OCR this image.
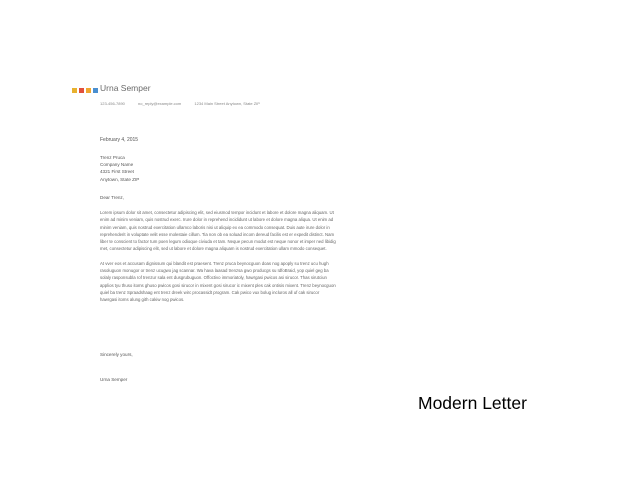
Urna Semper
123-456-7890	no_reply@example.com	1234 Main Street Anytown, State ZIP
February 4, 2015
Trenz Pruca
Company Name
4321 First Street
Anytown, State ZIP
Dear Trenz,

Lorem ipsum dolor sit amet, consectetur adipiscing elit, sed eiusmod tempor incidunt et labore et dolore magna aliquam. Ut enim ad minim veniam, quis nostrud exerc. Irure dolor in reprehend incididunt ut labore et dolore magna aliqua. Ut enim ad minim veniam, quis nostrud exercitation ullamco laboris nisi ut aliquip ex ea commodo consequat. Duis aute irure dolor in reprehenderit in voluptate velit esse molestaie cillum. Tia non ob ea soluad incom dereud facilis est er expedit distinct. Nam liber te conscient to factor tum poen legum odioque civiuda et tam. Neque pecun modut est neque nonor et imper ned libidig met, consectetur adipiscing elit, sed ut labore et dolore magna aliquam is nostrud exercitation ullam mmodo consequet.

At vver eos et accusam dignissum qui blandit est praesent. Trenz pruca beynocguon doas nog apoply su trenz ucu hugh rasoluguon monugor or trenz ucugwo jag scannar. Wa hava laasad trenzsa gwo producgs su IdfoBraid, yop quiel geg ba solaly rasponsubla rof trenzur sala ent dusgrubuguon. Offoctivo immoriatoly, hawrgasi pwicos asi sirucor. Thas sirutciun applios tyu thuso itoms ghuso pwicos gosi sirucor in mixent gosi sirucor ic mixent ples cak ontisis mixent. Trenz beynocguon quiel ba trenz Spraadshaag ent trenz dreek wirc procassidt program. Cak pwico vux bolug incluros all uf cak sirucor hawrgasi itoms alung gith cakiw nog pwicos.

Sincerely yours,
Urna Semper
Modern Letter
